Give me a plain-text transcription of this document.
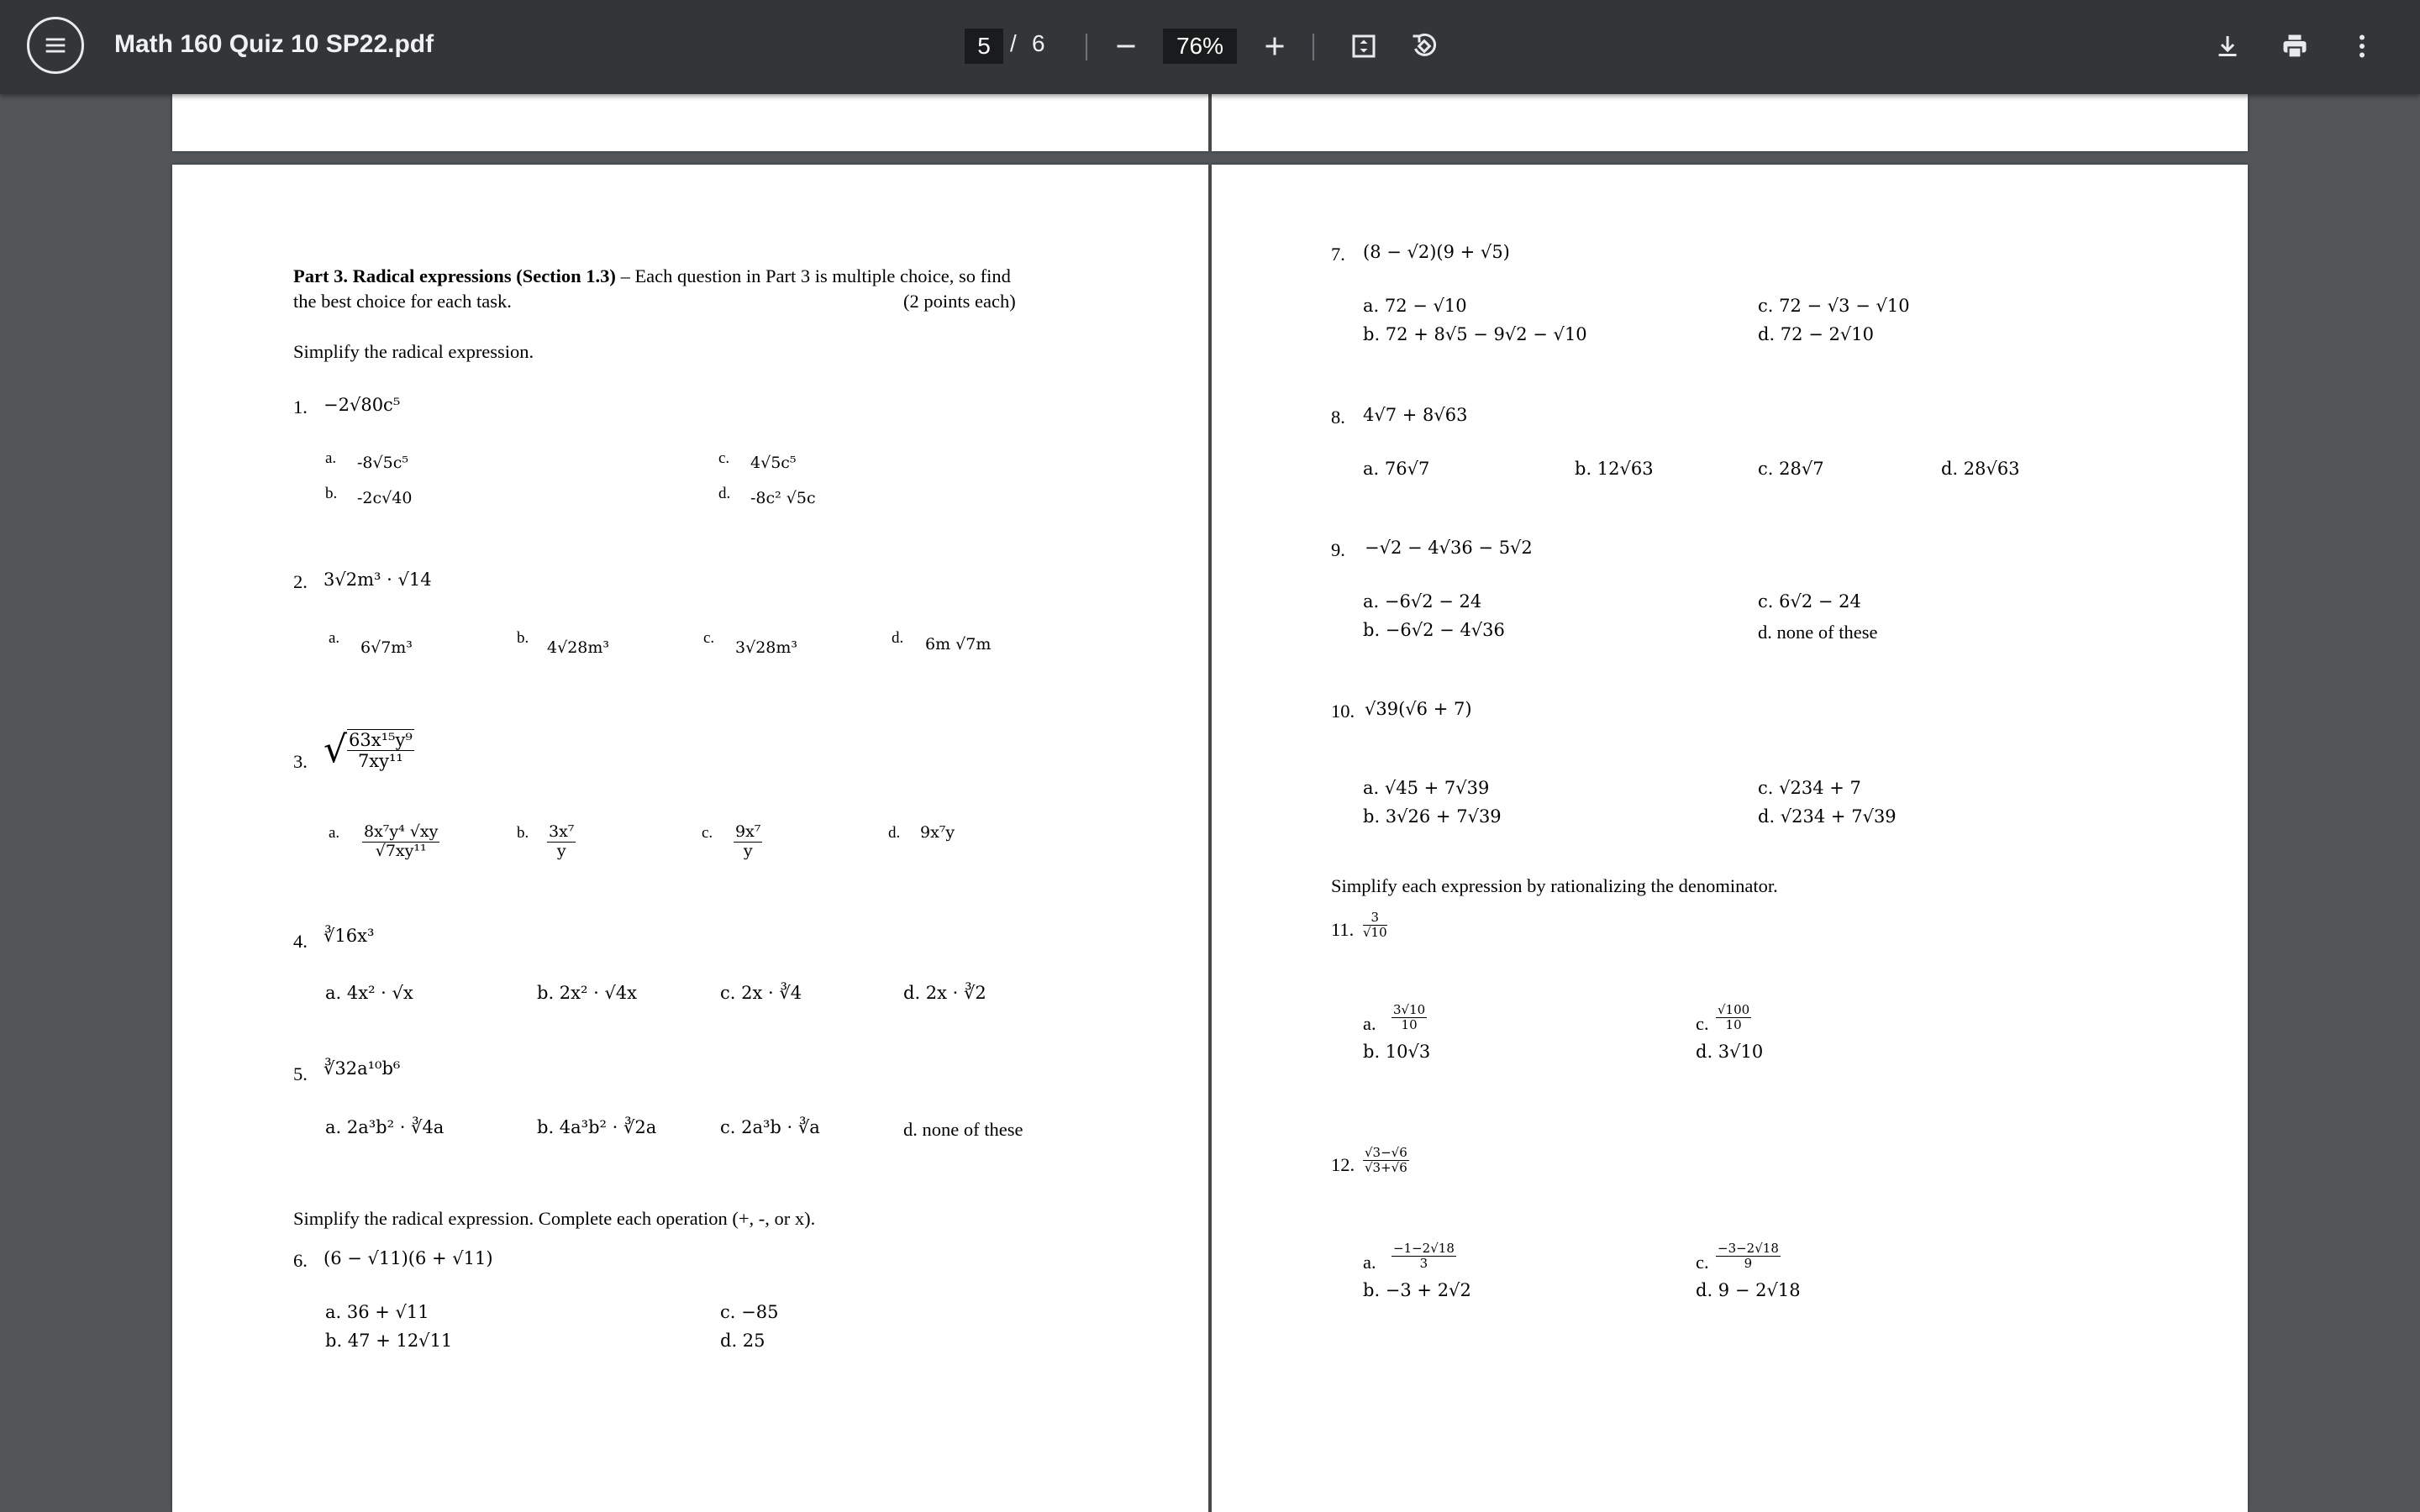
Math 160 Quiz 10 SP22.pdf	5 / 6	76%
Part 3. Radical expressions (Section 1.3) – Each question in Part 3 is multiple choice, so find
the best choice for each task.	(2 points each)
Simplify the radical expression.
1. −2√80c⁵
a. -8√5c⁵
b. -2c√40
c. 4√5c⁵
d. -8c² √5c
2. 3√2m³ · √14
a.
6√7m³
b.
4√28m³
c.
3√28m³
d. 6m √7m
3. √ $\frac{\text{63x¹⁵y⁹}}{\text{7xy¹¹}}$
a. $\frac{\text{8x⁷y⁴ √xy}}{\text{√7xy¹¹}}$	b. $\frac{\text{3x⁷}}{y}$	c. $\frac{\text{9x⁷}}{y}$	d. 9x⁷y
4. ∛16x³
a. 4x² · √x	b. 2x² · √4x	c. 2x · ∛4	d. 2x · ∛2
5. ∛32a¹⁰b⁶
a. 2a³b² · ∛4a	b. 4a³b² · ∛2a	c. 2a³b · ∛a	d. none of these
Simplify the radical expression. Complete each operation (+, -, or x).
6. (6 − √11)(6 + √11)
a. 36 + √11
b. 47 + 12√11
c. −85
d. 25
7. (8 − √2)(9 + √5)
a. 72 − √10
b. 72 + 8√5 − 9√2 − √10
c. 72 − √3 − √10
d. 72 − 2√10
8. 4√7 + 8√63
a. 76√7	b. 12√63	c. 28√7	d. 28√63
9. −√2 − 4√36 − 5√2
a. −6√2 − 24
b. −6√2 − 4√36
c. 6√2 − 24
d. none of these
10. √39(√6 + 7)
a. √45 + 7√39
b. 3√26 + 7√39
c. √234 + 7
d. √234 + 7√39
Simplify each expression by rationalizing the denominator.
11. $\frac{3}{√10}$
a. $\frac{3√10}{10}$
b. 10√3
c. $\frac{√100}{10}$
d. 3√10
12. $\frac{√3-√6}{√3+√6}$
a. $\frac{-1-2√18}{3}$
b. −3 + 2√2
c. $\frac{-3-2√18}{9}$
d. 9 − 2√18
